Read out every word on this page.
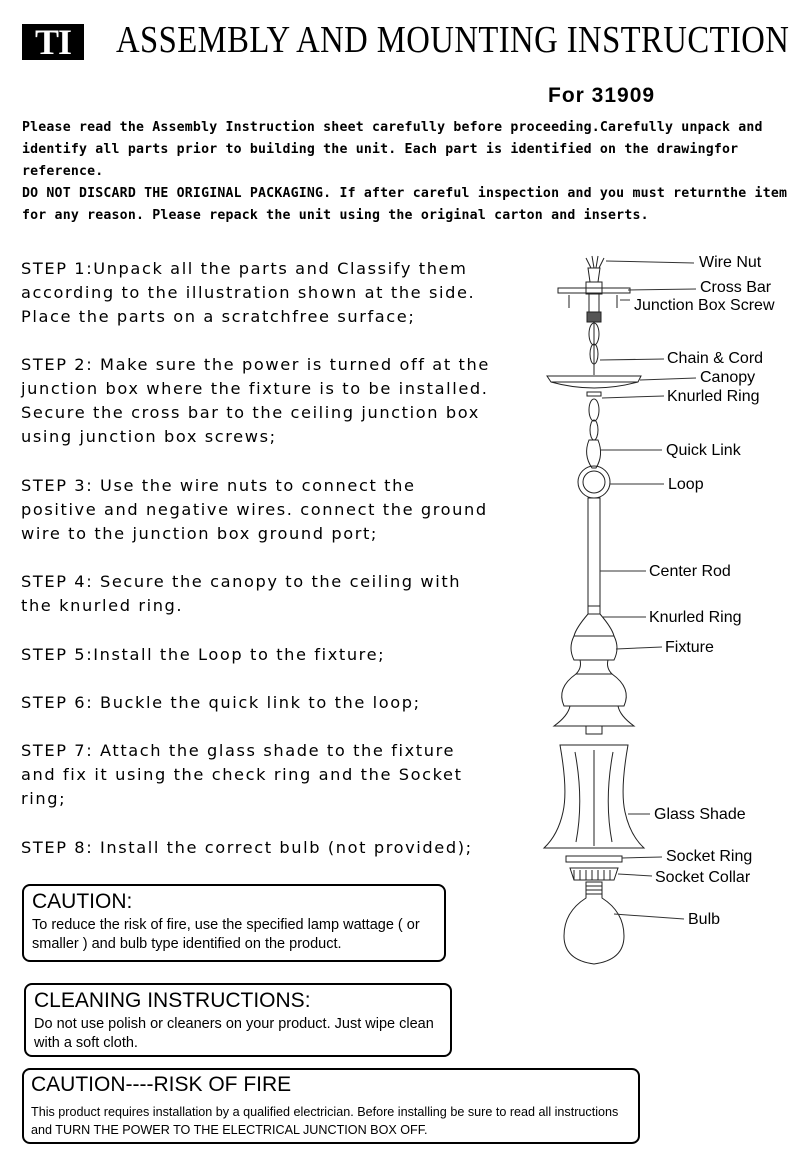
TI	ASSEMBLY AND MOUNTING INSTRUCTION
For 31909
Please read the Assembly Instruction sheet carefully before proceeding.Carefully unpack and identify all parts prior to building the unit. Each part is identified on the drawingfor reference.
DO NOT DISCARD THE ORIGINAL PACKAGING. If after careful inspection and you must returnthe item for any reason. Please repack the unit using the original carton and inserts.
STEP 1:Unpack all the parts and Classify them according to the illustration shown at the side. Place the parts on a scratchfree surface;
STEP 2: Make sure the power is turned off at the junction box where the fixture is to be installed. Secure the cross bar to the ceiling junction box using junction box screws;
STEP 3: Use the wire nuts to connect the positive and negative wires. connect the ground wire to the junction box ground port;
STEP 4: Secure the canopy to the ceiling with the knurled ring.
STEP 5:Install the Loop to the fixture;
STEP 6: Buckle the quick link to the loop;
STEP 7: Attach the glass shade to the fixture and fix it using the check ring and the Socket ring;
STEP 8: Install the correct bulb (not provided);
CAUTION:

To reduce the risk of fire, use the specified lamp wattage ( or smaller ) and bulb type identified on the product.

CLEANING INSTRUCTIONS:

Do not use polish or cleaners on your product. Just wipe clean with a soft cloth.

CAUTION----RISK OF FIRE

This product requires installation by a qualified electrician. Before installing be sure to read all instructions and TURN THE POWER TO THE ELECTRICAL JUNCTION BOX OFF.

Wire Nut
Cross Bar
Junction Box Screw
Chain & Cord
Canopy
Knurled Ring
Quick Link
Loop
Center Rod
Knurled Ring
Fixture
Glass Shade
Socket Ring
Socket Collar
Bulb
